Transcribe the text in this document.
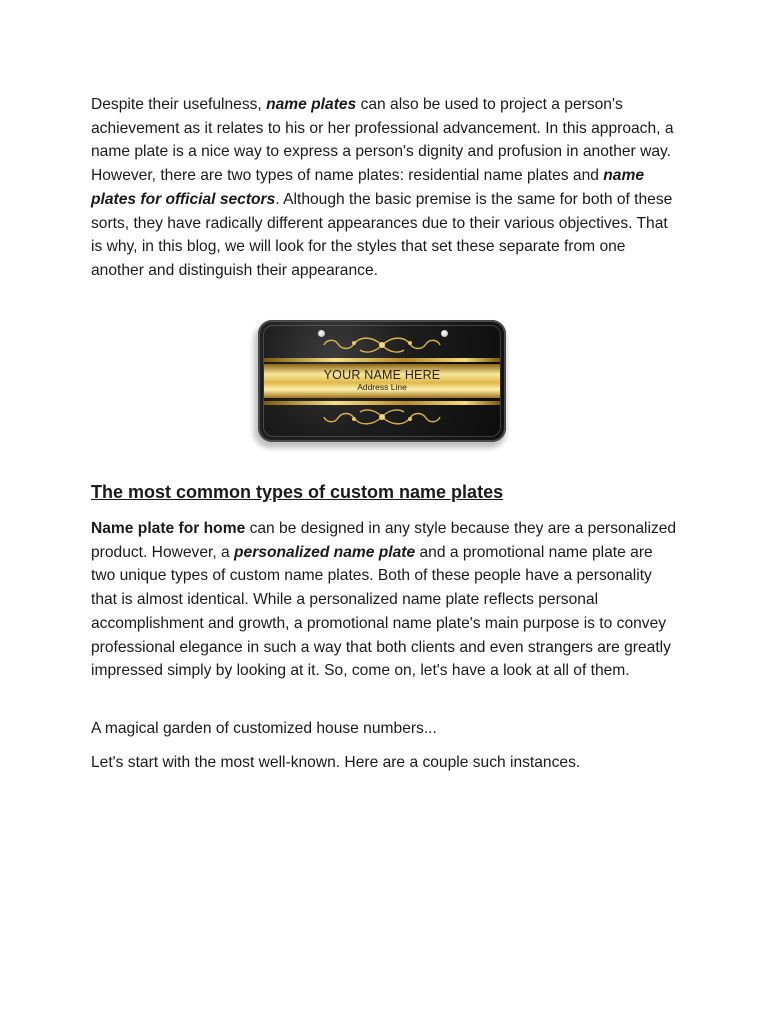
Despite their usefulness, name plates can also be used to project a person's achievement as it relates to his or her professional advancement. In this approach, a name plate is a nice way to express a person's dignity and profusion in another way. However, there are two types of name plates: residential name plates and name plates for official sectors. Although the basic premise is the same for both of these sorts, they have radically different appearances due to their various objectives. That is why, in this blog, we will look for the styles that set these separate from one another and distinguish their appearance.

YOUR NAME HERE
Address Line
The most common types of custom name plates

Name plate for home can be designed in any style because they are a personalized product. However, a personalized name plate and a promotional name plate are two unique types of custom name plates. Both of these people have a personality that is almost identical. While a personalized name plate reflects personal accomplishment and growth, a promotional name plate's main purpose is to convey professional elegance in such a way that both clients and even strangers are greatly impressed simply by looking at it. So, come on, let's have a look at all of them.

A magical garden of customized house numbers...

Let's start with the most well-known. Here are a couple such instances.
